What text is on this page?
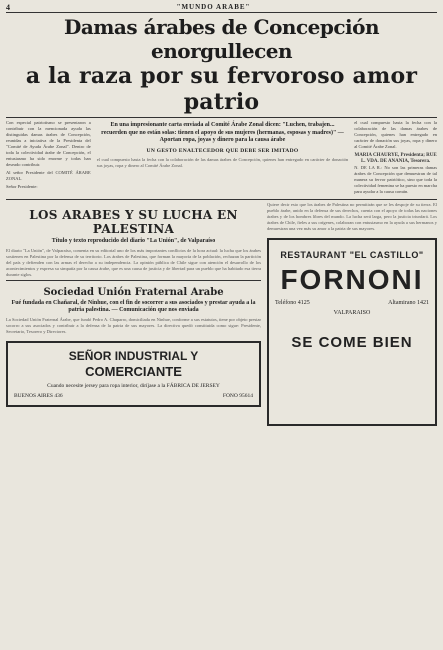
4	"MUNDO ARABE"
Damas árabes de Concepción enorgullecen
a la raza por su fervoroso amor patrio

Con especial patriotismo se presentaron a contribuir con la mencionada ayuda las distinguidas damas árabes de Concepción, reunidas a iniciativa de la Presidenta del "Comité de Ayuda Árabe Zonal". Dentro de toda la colectividad árabe de Concepción, el entusiasmo ha sido enorme y todas han deseado contribuir.

Al señor Presidente del COMITÉ ÁRABE ZONAL.

Señor Presidente:

En una impresionante carta enviada al Comité Árabe Zonal dicen: "Luchen, trabajen... recuerden que no están solas: tienen el apoyo de sus mujeres (hermanas, esposas y madres)" — Aportan ropa, joyas y dinero para la causa árabe
UN GESTO ENALTECEDOR QUE DEBE SER IMITADO

el cual compuesto hasta la fecha con la colaboración de las damas árabes de Concepción, quienes han entregado en carácter de donación sus joyas, ropa y dinero al Comité Árabe Zonal.

el cual compuesto hasta la fecha con la colaboración de las damas árabes de Concepción, quienes han entregado en carácter de donación sus joyas, ropa y dinero al Comité Árabe Zonal.

MARIA CHAURYE, Presidenta; RUE L. VDA. DE ANANIA, Tesorera.

N. DE LA R.: No son las primeras damas árabes de Concepción que demuestran de tal manera su fervor patriótico, sino que toda la colectividad femenina se ha puesto en marcha para ayudar a la causa común.

LOS ARABES Y SU LUCHA EN PALESTINA
Título y texto reproducido del diario "La Unión", de Valparaíso

El diario "La Unión", de Valparaíso, comenta en su editorial uno de los más importantes conflictos de la hora actual: la lucha que los árabes sostienen en Palestina por la defensa de su territorio. Los árabes de Palestina, que forman la mayoría de la población, rechazan la partición del país y defienden con las armas el derecho a su independencia. La opinión pública de Chile sigue con atención el desarrollo de los acontecimientos y expresa su simpatía por la causa árabe, que es una causa de justicia y de libertad para un pueblo que ha habitado esa tierra durante siglos.

Sociedad Unión Fraternal Arabe
Fué fundada en Chañaral, de Ninhue, con el fin de socorrer a sus asociados y prestar ayuda a la patria palestina. — Comunicación que nos enviada

La Sociedad Unión Fraternal Árabe, que fundó Pedro A. Chaparro, domiciliada en Ninhue, conforme a sus estatutos, tiene por objeto prestar socorro a sus asociados y contribuir a la defensa de la patria de sus mayores. La directiva quedó constituida como sigue: Presidente, Secretario, Tesorero y Directores.

SEÑOR INDUSTRIAL Y
COMERCIANTE
Cuando necesite jersey para ropa interior, diríjase a la FÁBRICA DE JERSEY
BUENOS AIRES 436	FONO 95614

Quiere decir esto que los árabes de Palestina no permitirán que se les despoje de su tierra. El pueblo árabe, unido en la defensa de sus derechos, cuenta con el apoyo de todas las naciones árabes y de los hombres libres del mundo. La lucha será larga, pero la justicia triunfará. Los árabes de Chile, fieles a sus orígenes, colaboran con entusiasmo en la ayuda a sus hermanos y demuestran una vez más su amor a la patria de sus mayores.

RESTAURANT "EL CASTILLO"
FORNONI
Teléfono 4125	Altamirano 1421
VALPARAISO
SE COME BIEN
